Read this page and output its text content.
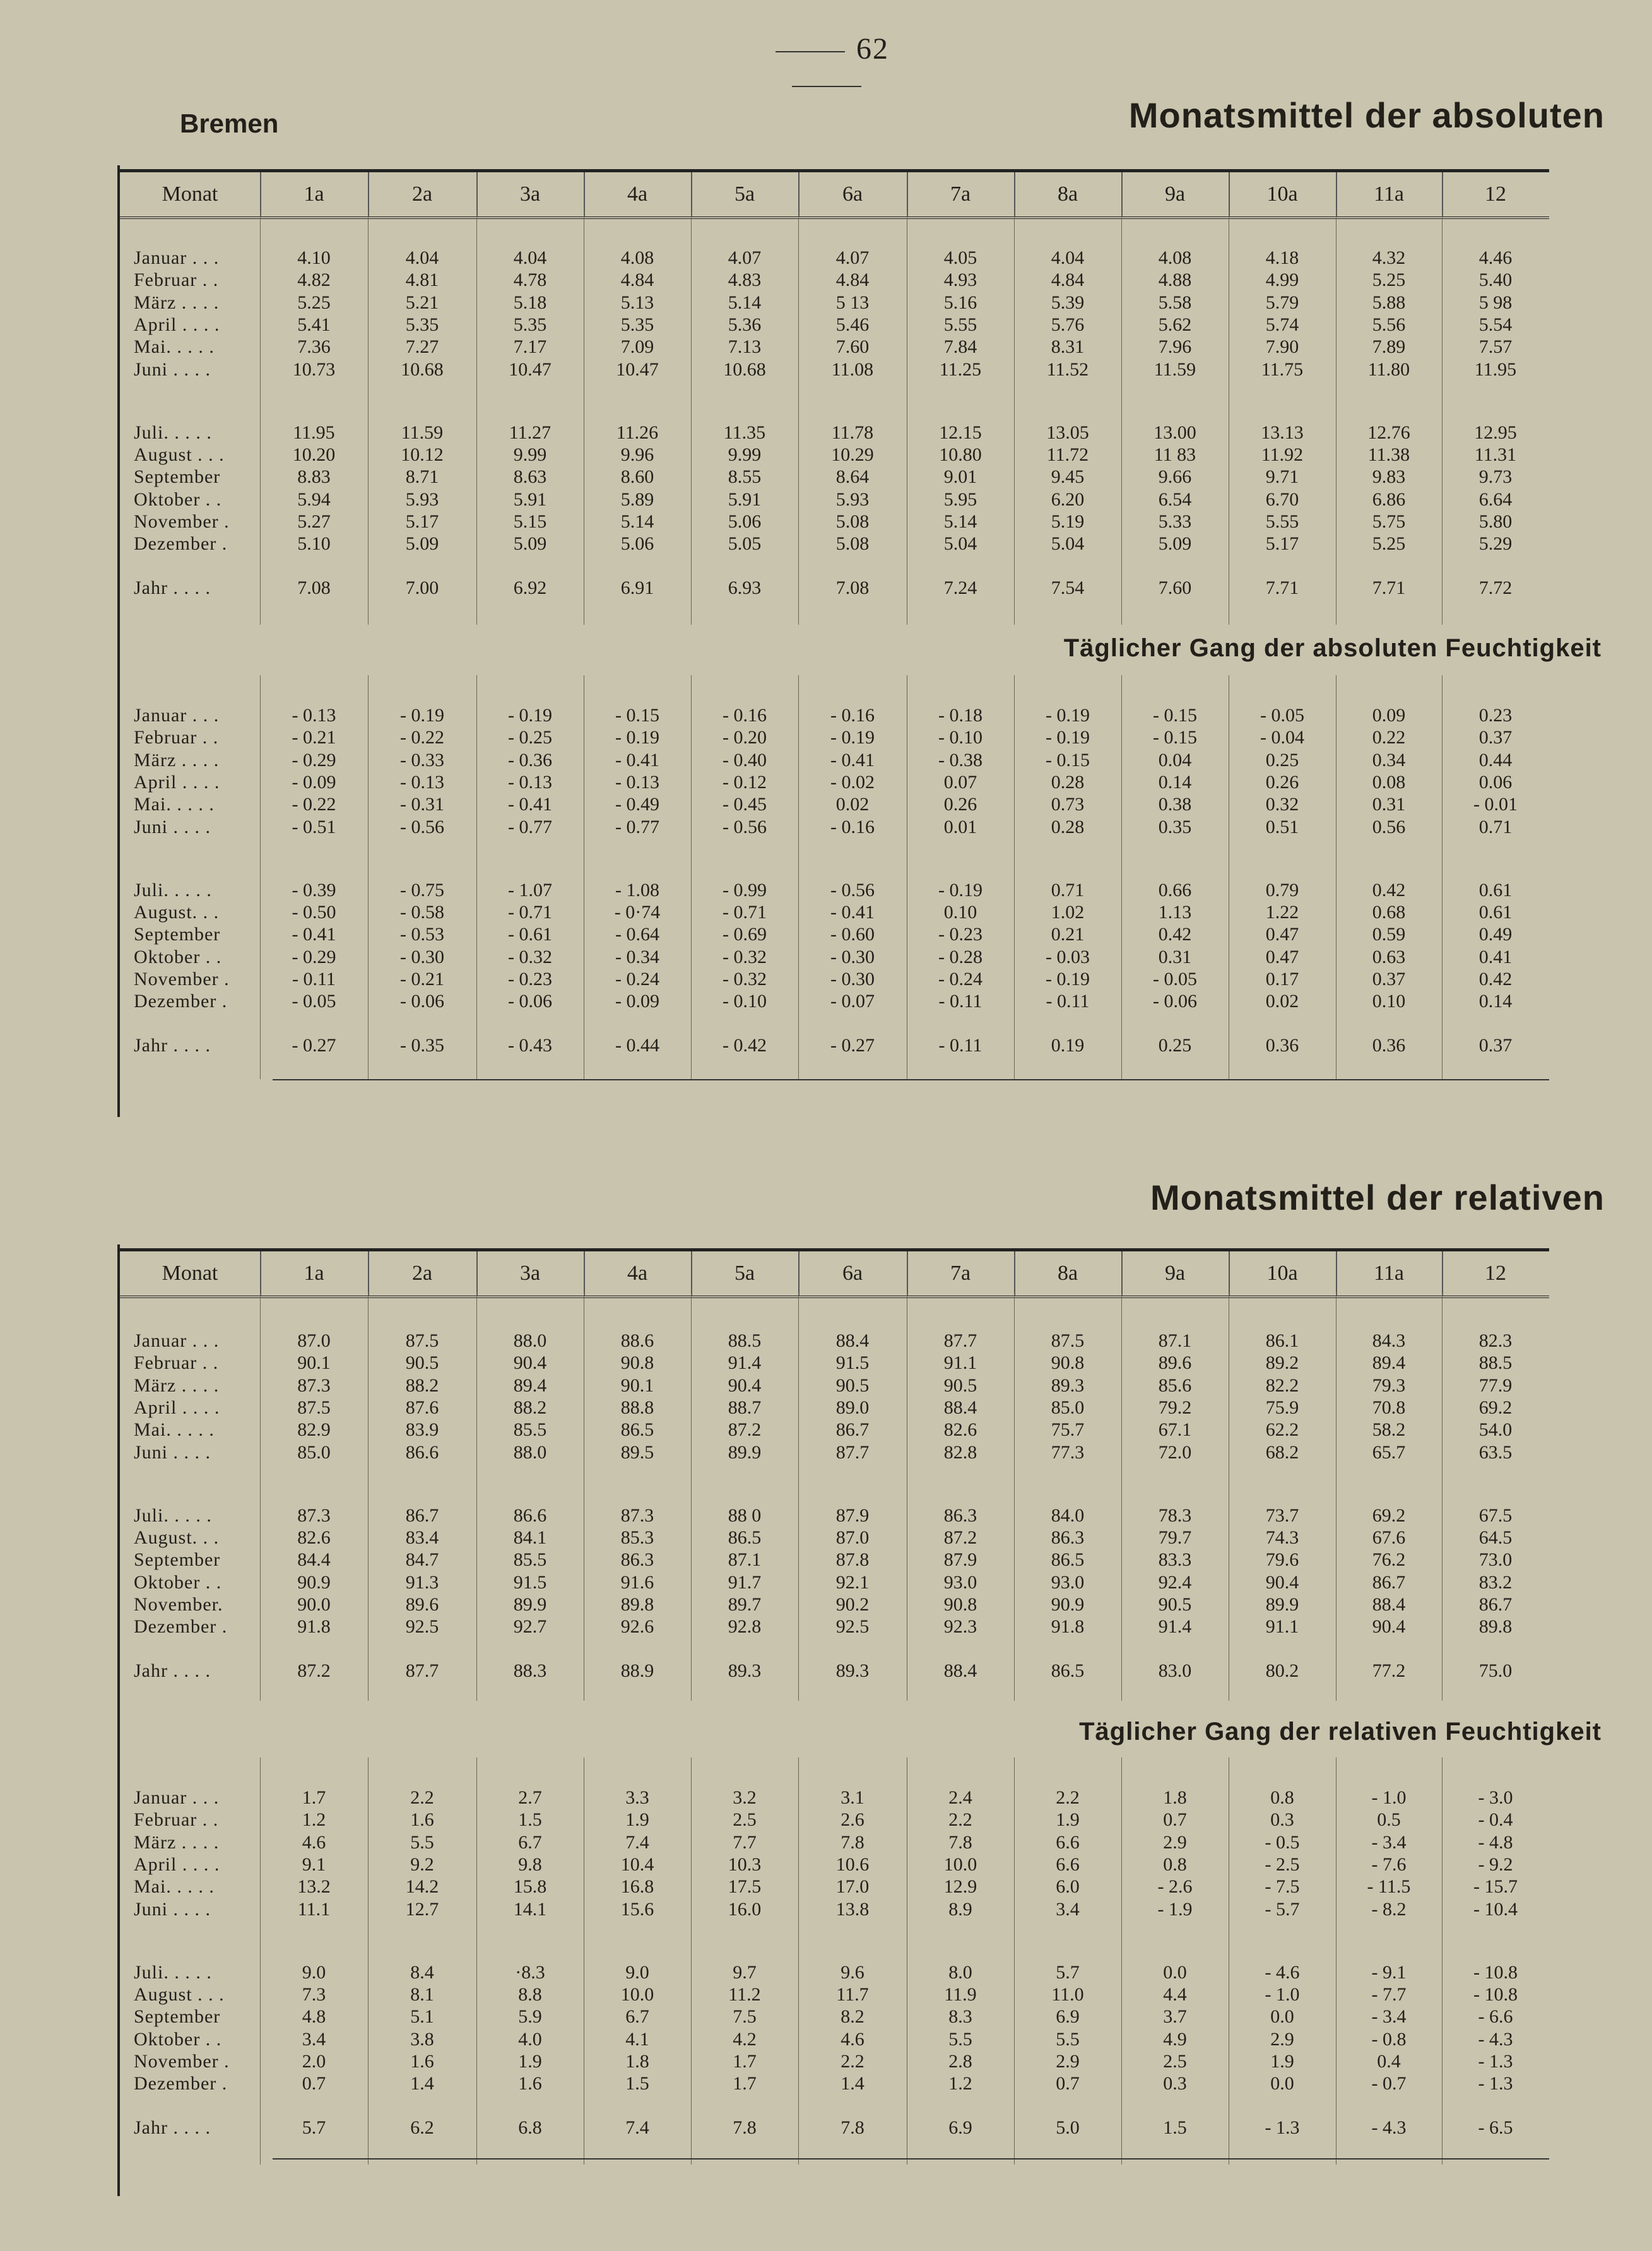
62
Bremen	Monatsmittel der absoluten
Monat	1a	2a	3a	4a	5a	6a	7a	8a	9a	10a	11a	12
Januar . . .	4.10	4.04	4.04	4.08	4.07	4.07	4.05	4.04	4.08	4.18	4.32	4.46
Februar . .	4.82	4.81	4.78	4.84	4.83	4.84	4.93	4.84	4.88	4.99	5.25	5.40
März . . . .	5.25	5.21	5.18	5.13	5.14	5 13	5.16	5.39	5.58	5.79	5.88	5 98
April . . . .	5.41	5.35	5.35	5.35	5.36	5.46	5.55	5.76	5.62	5.74	5.56	5.54
Mai. . . . .	7.36	7.27	7.17	7.09	7.13	7.60	7.84	8.31	7.96	7.90	7.89	7.57
Juni . . . .	10.73	10.68	10.47	10.47	10.68	11.08	11.25	11.52	11.59	11.75	11.80	11.95
Juli. . . . .	11.95	11.59	11.27	11.26	11.35	11.78	12.15	13.05	13.00	13.13	12.76	12.95
August . . .	10.20	10.12	9.99	9.96	9.99	10.29	10.80	11.72	11 83	11.92	11.38	11.31
September	8.83	8.71	8.63	8.60	8.55	8.64	9.01	9.45	9.66	9.71	9.83	9.73
Oktober . .	5.94	5.93	5.91	5.89	5.91	5.93	5.95	6.20	6.54	6.70	6.86	6.64
November .	5.27	5.17	5.15	5.14	5.06	5.08	5.14	5.19	5.33	5.55	5.75	5.80
Dezember .	5.10	5.09	5.09	5.06	5.05	5.08	5.04	5.04	5.09	5.17	5.25	5.29
Jahr . . . .	7.08	7.00	6.92	6.91	6.93	7.08	7.24	7.54	7.60	7.71	7.71	7.72
Täglicher Gang der absoluten Feuchtigkeit
Januar . . .	- 0.13	- 0.19	- 0.19	- 0.15	- 0.16	- 0.16	- 0.18	- 0.19	- 0.15	- 0.05	0.09	0.23
Februar . .	- 0.21	- 0.22	- 0.25	- 0.19	- 0.20	- 0.19	- 0.10	- 0.19	- 0.15	- 0.04	0.22	0.37
März . . . .	- 0.29	- 0.33	- 0.36	- 0.41	- 0.40	- 0.41	- 0.38	- 0.15	0.04	0.25	0.34	0.44
April . . . .	- 0.09	- 0.13	- 0.13	- 0.13	- 0.12	- 0.02	0.07	0.28	0.14	0.26	0.08	0.06
Mai. . . . .	- 0.22	- 0.31	- 0.41	- 0.49	- 0.45	0.02	0.26	0.73	0.38	0.32	0.31	- 0.01
Juni . . . .	- 0.51	- 0.56	- 0.77	- 0.77	- 0.56	- 0.16	0.01	0.28	0.35	0.51	0.56	0.71
Juli. . . . .	- 0.39	- 0.75	- 1.07	- 1.08	- 0.99	- 0.56	- 0.19	0.71	0.66	0.79	0.42	0.61
August. . .	- 0.50	- 0.58	- 0.71	- 0·74	- 0.71	- 0.41	0.10	1.02	1.13	1.22	0.68	0.61
September	- 0.41	- 0.53	- 0.61	- 0.64	- 0.69	- 0.60	- 0.23	0.21	0.42	0.47	0.59	0.49
Oktober . .	- 0.29	- 0.30	- 0.32	- 0.34	- 0.32	- 0.30	- 0.28	- 0.03	0.31	0.47	0.63	0.41
November .	- 0.11	- 0.21	- 0.23	- 0.24	- 0.32	- 0.30	- 0.24	- 0.19	- 0.05	0.17	0.37	0.42
Dezember .	- 0.05	- 0.06	- 0.06	- 0.09	- 0.10	- 0.07	- 0.11	- 0.11	- 0.06	0.02	0.10	0.14
Jahr . . . .	- 0.27	- 0.35	- 0.43	- 0.44	- 0.42	- 0.27	- 0.11	0.19	0.25	0.36	0.36	0.37
Monatsmittel der relativen
Monat	1a	2a	3a	4a	5a	6a	7a	8a	9a	10a	11a	12
Januar . . .	87.0	87.5	88.0	88.6	88.5	88.4	87.7	87.5	87.1	86.1	84.3	82.3
Februar . .	90.1	90.5	90.4	90.8	91.4	91.5	91.1	90.8	89.6	89.2	89.4	88.5
März . . . .	87.3	88.2	89.4	90.1	90.4	90.5	90.5	89.3	85.6	82.2	79.3	77.9
April . . . .	87.5	87.6	88.2	88.8	88.7	89.0	88.4	85.0	79.2	75.9	70.8	69.2
Mai. . . . .	82.9	83.9	85.5	86.5	87.2	86.7	82.6	75.7	67.1	62.2	58.2	54.0
Juni . . . .	85.0	86.6	88.0	89.5	89.9	87.7	82.8	77.3	72.0	68.2	65.7	63.5
Juli. . . . .	87.3	86.7	86.6	87.3	88 0	87.9	86.3	84.0	78.3	73.7	69.2	67.5
August. . .	82.6	83.4	84.1	85.3	86.5	87.0	87.2	86.3	79.7	74.3	67.6	64.5
September	84.4	84.7	85.5	86.3	87.1	87.8	87.9	86.5	83.3	79.6	76.2	73.0
Oktober . .	90.9	91.3	91.5	91.6	91.7	92.1	93.0	93.0	92.4	90.4	86.7	83.2
November.	90.0	89.6	89.9	89.8	89.7	90.2	90.8	90.9	90.5	89.9	88.4	86.7
Dezember .	91.8	92.5	92.7	92.6	92.8	92.5	92.3	91.8	91.4	91.1	90.4	89.8
Jahr . . . .	87.2	87.7	88.3	88.9	89.3	89.3	88.4	86.5	83.0	80.2	77.2	75.0
Täglicher Gang der relativen Feuchtigkeit
Januar . . .	1.7	2.2	2.7	3.3	3.2	3.1	2.4	2.2	1.8	0.8	- 1.0	- 3.0
Februar . .	1.2	1.6	1.5	1.9	2.5	2.6	2.2	1.9	0.7	0.3	0.5	- 0.4
März . . . .	4.6	5.5	6.7	7.4	7.7	7.8	7.8	6.6	2.9	- 0.5	- 3.4	- 4.8
April . . . .	9.1	9.2	9.8	10.4	10.3	10.6	10.0	6.6	0.8	- 2.5	- 7.6	- 9.2
Mai. . . . .	13.2	14.2	15.8	16.8	17.5	17.0	12.9	6.0	- 2.6	- 7.5	- 11.5	- 15.7
Juni . . . .	11.1	12.7	14.1	15.6	16.0	13.8	8.9	3.4	- 1.9	- 5.7	- 8.2	- 10.4
Juli. . . . .	9.0	8.4	·8.3	9.0	9.7	9.6	8.0	5.7	0.0	- 4.6	- 9.1	- 10.8
August . . .	7.3	8.1	8.8	10.0	11.2	11.7	11.9	11.0	4.4	- 1.0	- 7.7	- 10.8
September	4.8	5.1	5.9	6.7	7.5	8.2	8.3	6.9	3.7	0.0	- 3.4	- 6.6
Oktober . .	3.4	3.8	4.0	4.1	4.2	4.6	5.5	5.5	4.9	2.9	- 0.8	- 4.3
November .	2.0	1.6	1.9	1.8	1.7	2.2	2.8	2.9	2.5	1.9	0.4	- 1.3
Dezember .	0.7	1.4	1.6	1.5	1.7	1.4	1.2	0.7	0.3	0.0	- 0.7	- 1.3
Jahr . . . .	5.7	6.2	6.8	7.4	7.8	7.8	6.9	5.0	1.5	- 1.3	- 4.3	- 6.5
